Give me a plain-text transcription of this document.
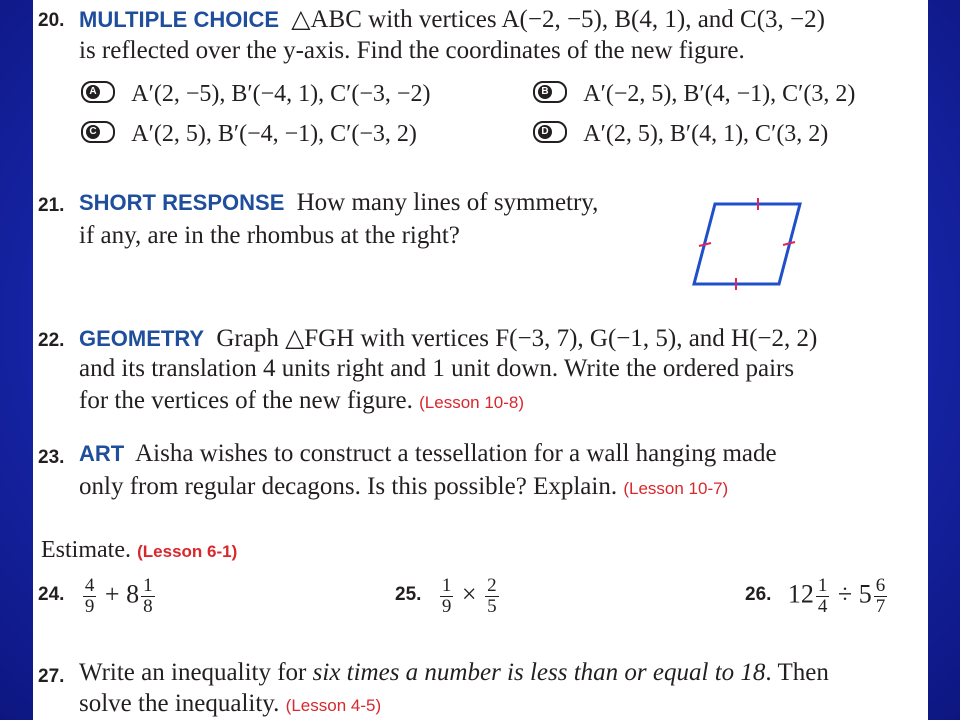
20. MULTIPLE CHOICE △ABC with vertices A(−2, −5), B(4, 1), and C(3, −2)
is reflected over the y-axis. Find the coordinates of the new figure.
A A′(2, −5), B′(−4, 1), C′(−3, −2)	B A′(−2, 5), B′(4, −1), C′(3, 2)
C A′(2, 5), B′(−4, −1), C′(−3, 2)	D A′(2, 5), B′(4, 1), C′(3, 2)
21. SHORT RESPONSE How many lines of symmetry,
if any, are in the rhombus at the right?
22. GEOMETRY Graph △FGH with vertices F(−3, 7), G(−1, 5), and H(−2, 2)
and its translation 4 units right and 1 unit down. Write the ordered pairs
for the vertices of the new figure. (Lesson 10-8)
23. ART Aisha wishes to construct a tessellation for a wall hanging made
only from regular decagons. Is this possible? Explain. (Lesson 10-7)
Estimate. (Lesson 6-1)
24. $\frac{4}{9} + 8 \frac{1}{8}$	25. $\frac{1}{9} \times \frac{2}{5}$	26. $12 \frac{1}{4} \div 5 \frac{6}{7}$
27. Write an inequality for six times a number is less than or equal to 18. Then
solve the inequality. (Lesson 4-5)
